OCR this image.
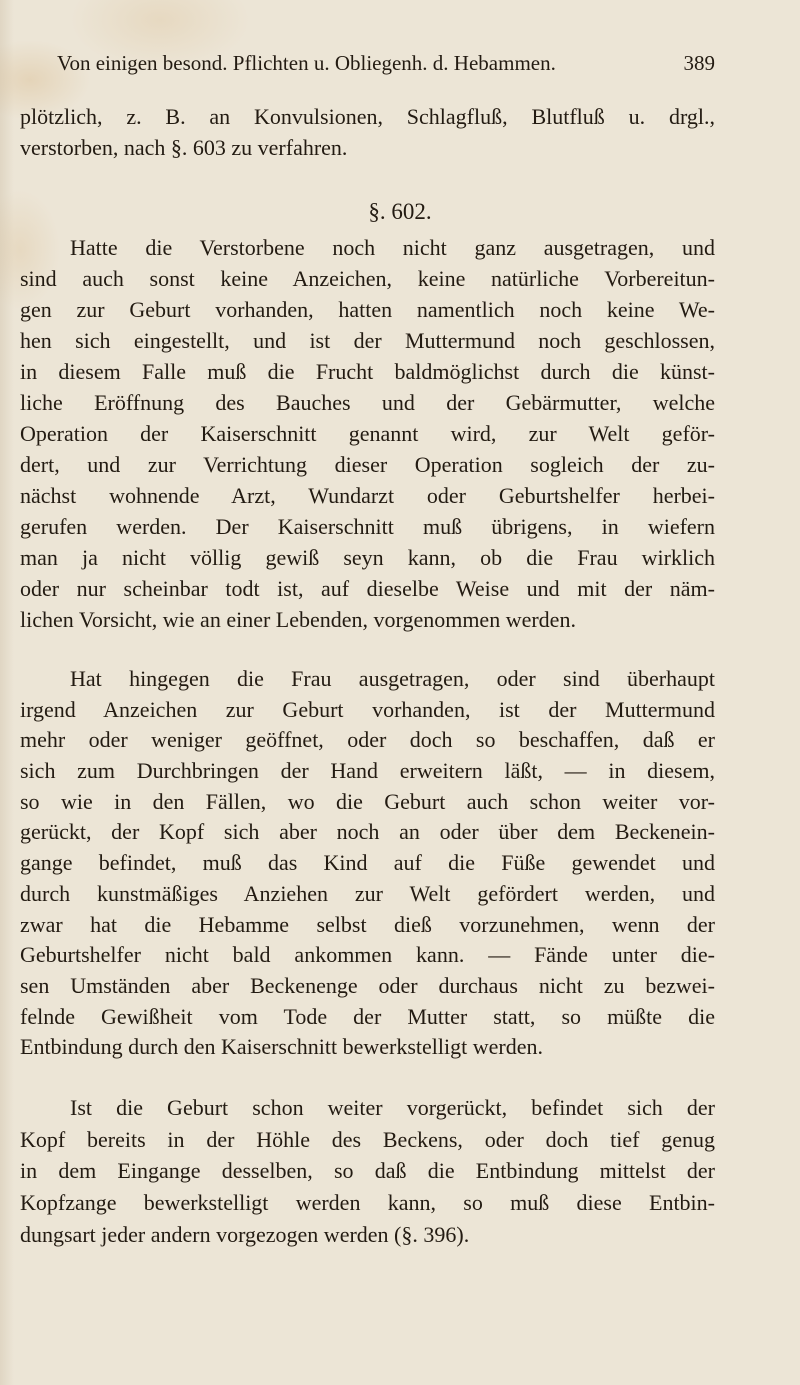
Von einigen besond. Pflichten u. Obliegenh. d. Hebammen.	389
plötzlich, z. B. an Konvulsionen, Schlagfluß, Blutfluß u. drgl.,
verstorben, nach §. 603 zu verfahren.
§. 602.
Hatte die Verstorbene noch nicht ganz ausgetragen, und
sind auch sonst keine Anzeichen, keine natürliche Vorbereitun-
gen zur Geburt vorhanden, hatten namentlich noch keine We-
hen sich eingestellt, und ist der Muttermund noch geschlossen,
in diesem Falle muß die Frucht baldmöglichst durch die künst-
liche Eröffnung des Bauches und der Gebärmutter, welche
Operation der Kaiserschnitt genannt wird, zur Welt geför-
dert, und zur Verrichtung dieser Operation sogleich der zu-
nächst wohnende Arzt, Wundarzt oder Geburtshelfer herbei-
gerufen werden. Der Kaiserschnitt muß übrigens, in wiefern
man ja nicht völlig gewiß seyn kann, ob die Frau wirklich
oder nur scheinbar todt ist, auf dieselbe Weise und mit der näm-
lichen Vorsicht, wie an einer Lebenden, vorgenommen werden.
Hat hingegen die Frau ausgetragen, oder sind überhaupt
irgend Anzeichen zur Geburt vorhanden, ist der Muttermund
mehr oder weniger geöffnet, oder doch so beschaffen, daß er
sich zum Durchbringen der Hand erweitern läßt, — in diesem,
so wie in den Fällen, wo die Geburt auch schon weiter vor-
gerückt, der Kopf sich aber noch an oder über dem Beckenein-
gange befindet, muß das Kind auf die Füße gewendet und
durch kunstmäßiges Anziehen zur Welt gefördert werden, und
zwar hat die Hebamme selbst dieß vorzunehmen, wenn der
Geburtshelfer nicht bald ankommen kann. — Fände unter die-
sen Umständen aber Beckenenge oder durchaus nicht zu bezwei-
felnde Gewißheit vom Tode der Mutter statt, so müßte die
Entbindung durch den Kaiserschnitt bewerkstelligt werden.
Ist die Geburt schon weiter vorgerückt, befindet sich der
Kopf bereits in der Höhle des Beckens, oder doch tief genug
in dem Eingange desselben, so daß die Entbindung mittelst der
Kopfzange bewerkstelligt werden kann, so muß diese Entbin-
dungsart jeder andern vorgezogen werden (§. 396).
